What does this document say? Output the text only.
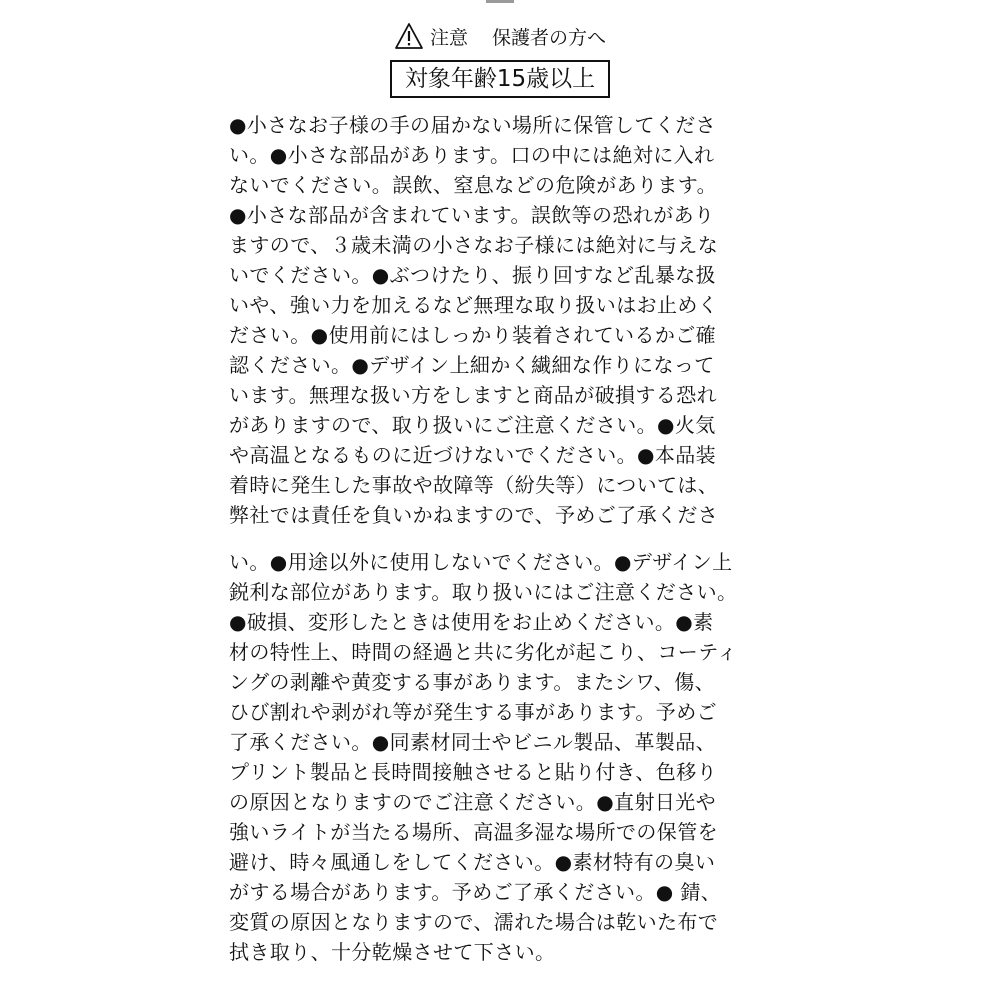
注意 保護者の方へ
対象年齢15歳以上
●小さなお子様の手の届かない場所に保管してくださ
い。●小さな部品があります。口の中には絶対に入れ
ないでください。誤飲、窒息などの危険があります。
●小さな部品が含まれています。誤飲等の恐れがあり
ますので、３歳未満の小さなお子様には絶対に与えな
いでください。●ぶつけたり、振り回すなど乱暴な扱
いや、強い力を加えるなど無理な取り扱いはお止めく
ださい。●使用前にはしっかり装着されているかご確
認ください。●デザイン上細かく繊細な作りになって
います。無理な扱い方をしますと商品が破損する恐れ
がありますので、取り扱いにご注意ください。●火気
や高温となるものに近づけないでください。●本品装
着時に発生した事故や故障等（紛失等）については、
弊社では責任を負いかねますので、予めご了承くださ
い。●用途以外に使用しないでください。●デザイン上
鋭利な部位があります。取り扱いにはご注意ください。
●破損、変形したときは使用をお止めください。●素
材の特性上、時間の経過と共に劣化が起こり、コーティ
ングの剥離や黄変する事があります。またシワ、傷、
ひび割れや剥がれ等が発生する事があります。予めご
了承ください。●同素材同士やビニル製品、革製品、
プリント製品と長時間接触させると貼り付き、色移り
の原因となりますのでご注意ください。●直射日光や
強いライトが当たる場所、高温多湿な場所での保管を
避け、時々風通しをしてください。●素材特有の臭い
がする場合があります。予めご了承ください。● 錆、
変質の原因となりますので、濡れた場合は乾いた布で
拭き取り、十分乾燥させて下さい。
